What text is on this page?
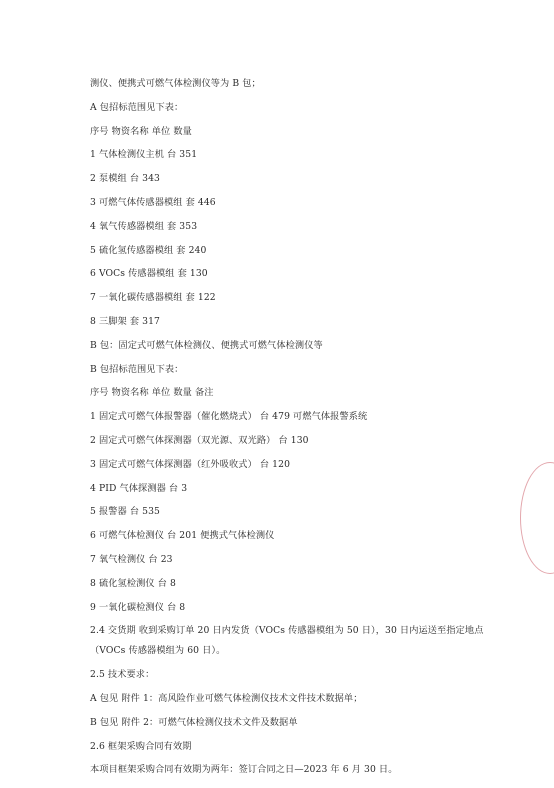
测仪、便携式可燃气体检测仪等为 B 包；
A 包招标范围见下表：
序号 物资名称 单位 数量
1 气体检测仪主机 台 351
2 泵模组 台 343
3 可燃气体传感器模组 套 446
4 氧气传感器模组 套 353
5 硫化氢传感器模组 套 240
6 VOCs 传感器模组 套 130
7 一氧化碳传感器模组 套 122
8 三脚架 套 317
B 包：固定式可燃气体检测仪、便携式可燃气体检测仪等
B 包招标范围见下表：
序号 物资名称 单位 数量 备注
1 固定式可燃气体报警器（催化燃烧式） 台 479 可燃气体报警系统
2 固定式可燃气体探测器（双光源、双光路） 台 130
3 固定式可燃气体探测器（红外吸收式） 台 120
4 PID 气体探测器 台 3
5 报警器 台 535
6 可燃气体检测仪 台 201 便携式气体检测仪
7 氧气检测仪 台 23
8 硫化氢检测仪 台 8
9 一氧化碳检测仪 台 8
2.4 交货期 收到采购订单 20 日内发货（VOCs 传感器模组为 50 日），30 日内运送至指定地点
（VOCs 传感器模组为 60 日）。
2.5 技术要求：
A 包见 附件 1：高风险作业可燃气体检测仪技术文件技术数据单；
B 包见 附件 2：可燃气体检测仪技术文件及数据单
2.6 框架采购合同有效期
本项目框架采购合同有效期为两年：签订合同之日—2023 年 6 月 30 日。
